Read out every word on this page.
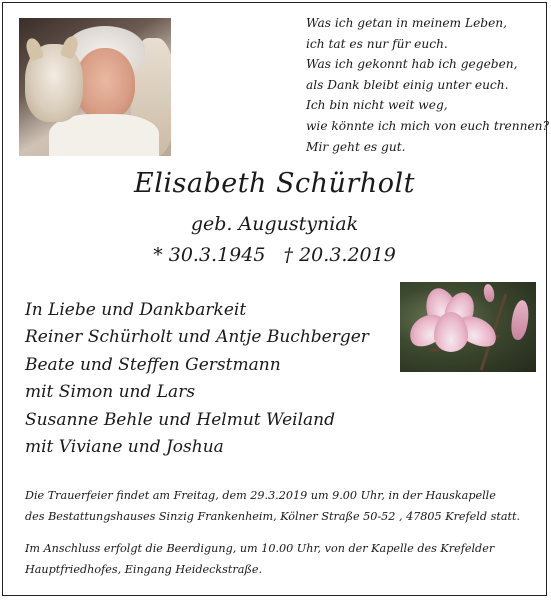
Was ich getan in meinem Leben,
ich tat es nur für euch.
Was ich gekonnt hab ich gegeben,
als Dank bleibt einig unter euch.
Ich bin nicht weit weg,
wie könnte ich mich von euch trennen?
Mir geht es gut.
Elisabeth Schürholt
geb. Augustyniak
* 30.3.1945   † 20.3.2019
In Liebe und Dankbarkeit
Reiner Schürholt und Antje Buchberger
Beate und Steffen Gerstmann
mit Simon und Lars
Susanne Behle und Helmut Weiland
mit Viviane und Joshua
Die Trauerfeier findet am Freitag, dem 29.3.2019 um 9.00 Uhr, in der Hauskapelle
des Bestattungshauses Sinzig Frankenheim, Kölner Straße 50-52 , 47805 Krefeld statt.
Im Anschluss erfolgt die Beerdigung, um 10.00 Uhr, von der Kapelle des Krefelder
Hauptfriedhofes, Eingang Heideckstraße.
